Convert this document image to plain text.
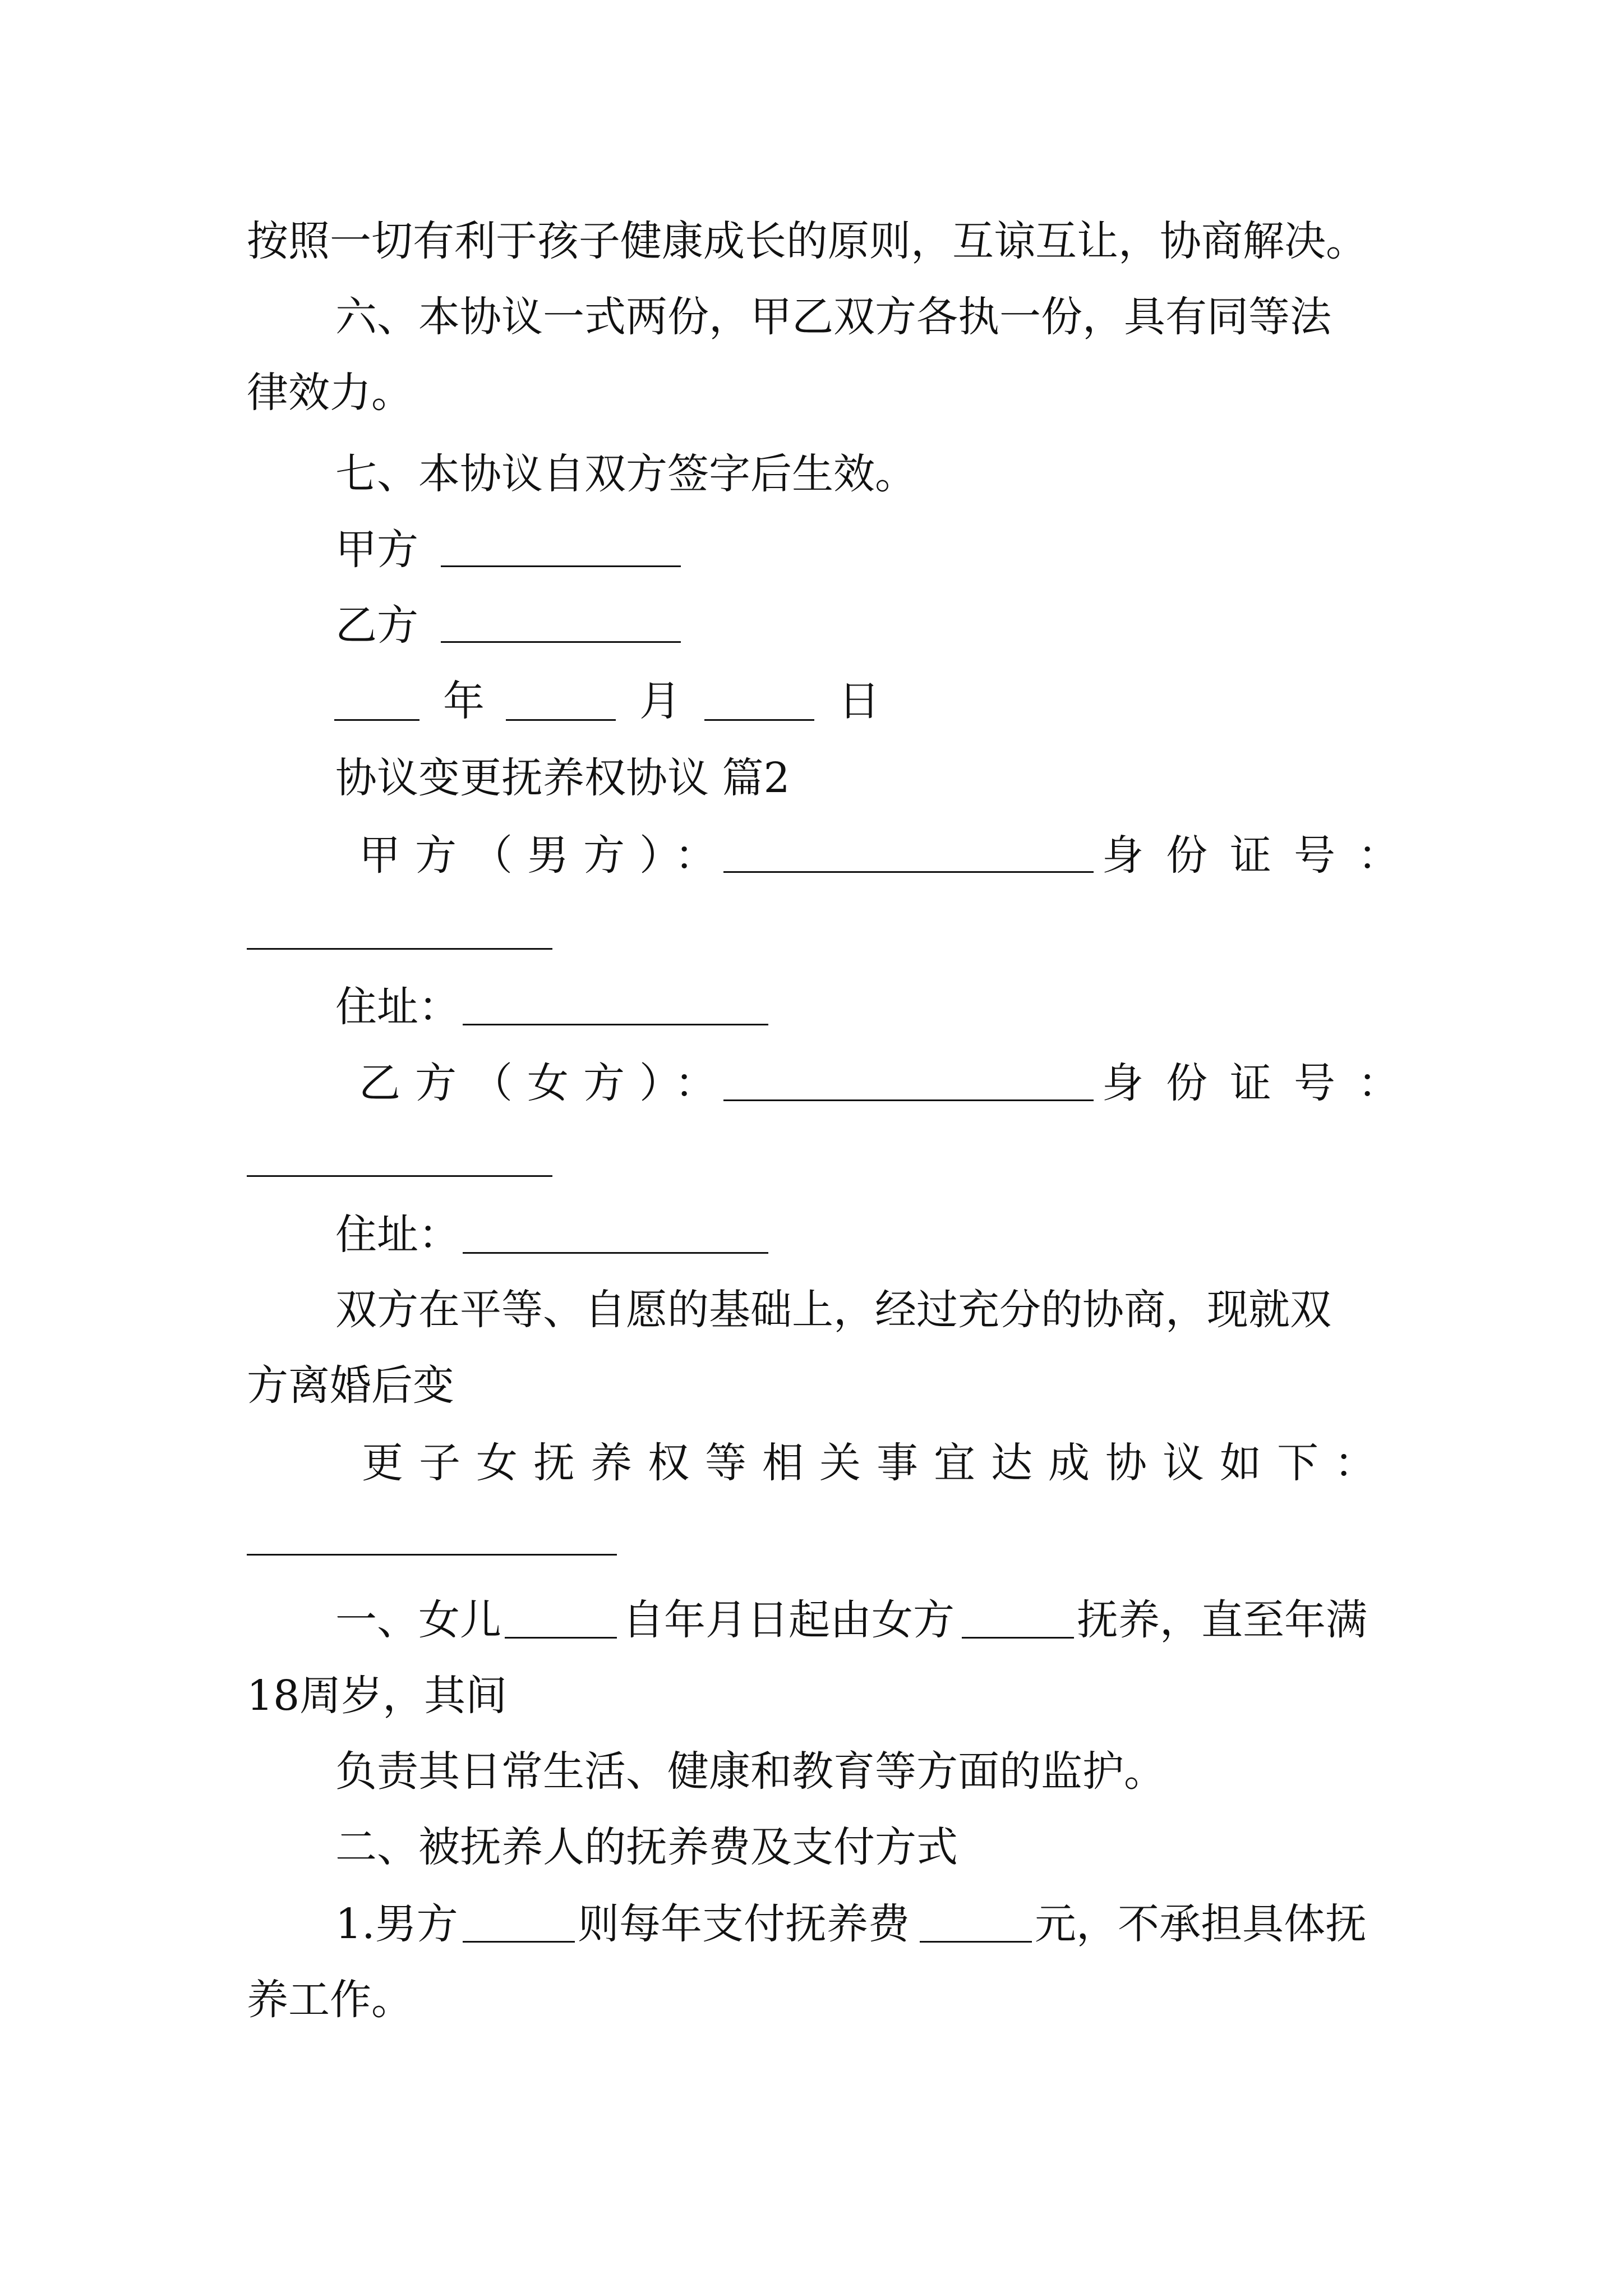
按照一切有利于孩子健康成长的原则，互谅互让，协商解决。
六、本协议一式两份，甲乙双方各执一份，具有同等法
律效力。
七、本协议自双方签字后生效。
甲方
乙方
年	月	日
协议变更抚养权协议 篇2
甲方（男方）：	身份证号：
住址：
乙方（女方）：	身份证号：
住址：
双方在平等、自愿的基础上，经过充分的协商，现就双
方离婚后变
更子女抚养权等相关事宜达成协议如下：
一、女儿	自年月日起由女方	抚养，直至年满
18周岁，其间
负责其日常生活、健康和教育等方面的监护。
二、被抚养人的抚养费及支付方式
1.男方	则每年支付抚养费	元，不承担具体抚
养工作。
